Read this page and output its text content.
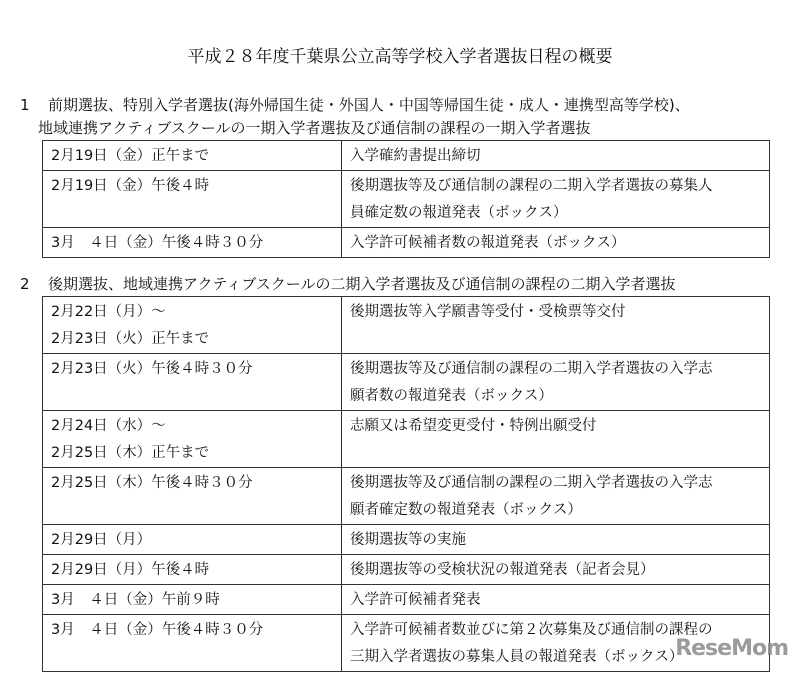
平成２８年度千葉県公立高等学校入学者選抜日程の概要
1 前期選抜、特別入学者選抜(海外帰国生徒・外国人・中国等帰国生徒・成人・連携型高等学校)、
地域連携アクティブスクールの一期入学者選抜及び通信制の課程の一期入学者選抜
2月19日（金）正午まで	入学確約書提出締切
2月19日（金）午後４時	後期選抜等及び通信制の課程の二期入学者選抜の募集人
員確定数の報道発表（ボックス）
3月　４日（金）午後４時３０分	入学許可候補者数の報道発表（ボックス）
2 後期選抜、地域連携アクティブスクールの二期入学者選抜及び通信制の課程の二期入学者選抜
2月22日（月）～
2月23日（火）正午まで	後期選抜等入学願書等受付・受検票等交付
2月23日（火）午後４時３０分	後期選抜等及び通信制の課程の二期入学者選抜の入学志
願者数の報道発表（ボックス）
2月24日（水）～
2月25日（木）正午まで	志願又は希望変更受付・特例出願受付
2月25日（木）午後４時３０分	後期選抜等及び通信制の課程の二期入学者選抜の入学志
願者確定数の報道発表（ボックス）
2月29日（月）	後期選抜等の実施
2月29日（月）午後４時	後期選抜等の受検状況の報道発表（記者会見）
3月　４日（金）午前９時	入学許可候補者発表
3月　４日（金）午後４時３０分	入学許可候補者数並びに第２次募集及び通信制の課程の
三期入学者選抜の募集人員の報道発表（ボックス）
ReseMom
